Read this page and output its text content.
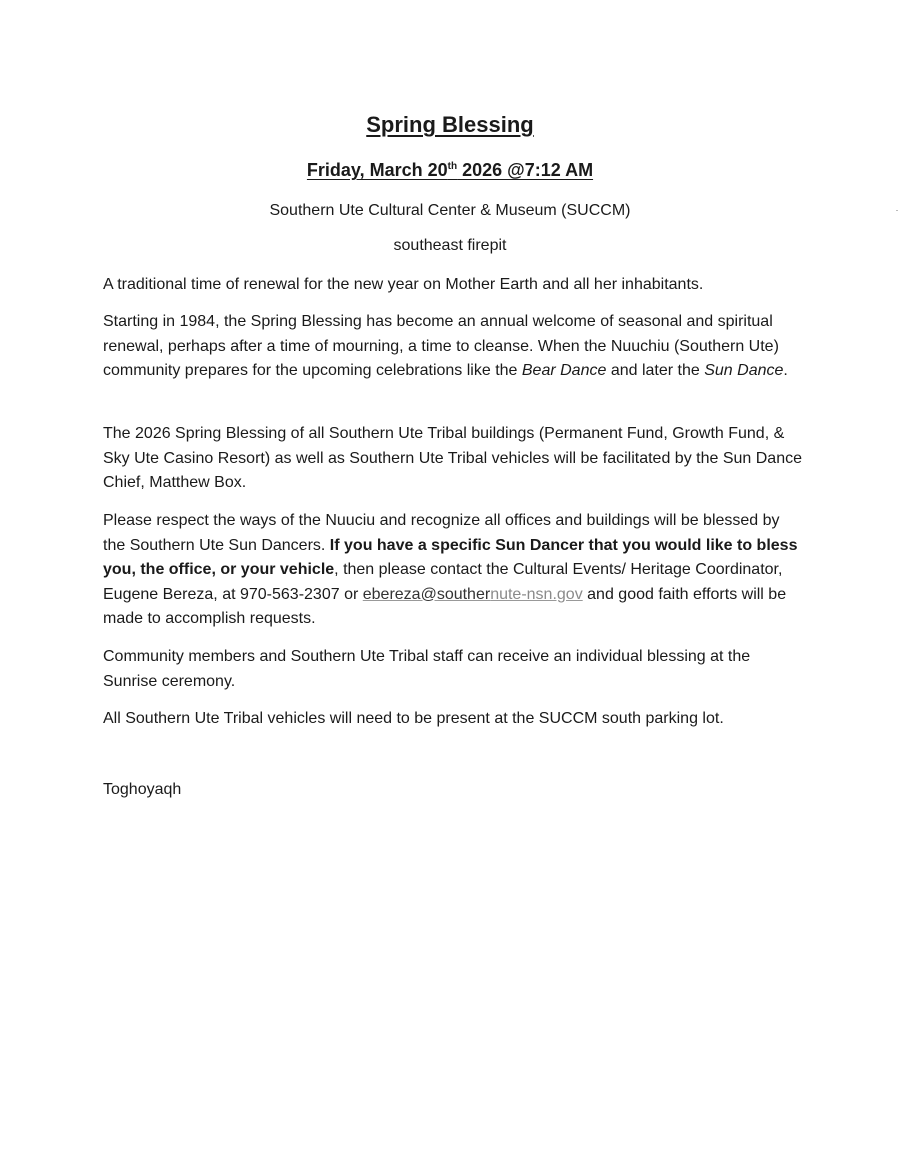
Spring Blessing
Friday, March 20th 2026 @7:12 AM

Southern Ute Cultural Center & Museum (SUCCM)

southeast firepit

A traditional time of renewal for the new year on Mother Earth and all her inhabitants.

Starting in 1984, the Spring Blessing has become an annual welcome of seasonal and spiritual renewal, perhaps after a time of mourning, a time to cleanse. When the Nuuchiu (Southern Ute) community prepares for the upcoming celebrations like the Bear Dance and later the Sun Dance.

The 2026 Spring Blessing of all Southern Ute Tribal buildings (Permanent Fund, Growth Fund, & Sky Ute Casino Resort) as well as Southern Ute Tribal vehicles will be facilitated by the Sun Dance Chief, Matthew Box.

Please respect the ways of the Nuuciu and recognize all offices and buildings will be blessed by the Southern Ute Sun Dancers. If you have a specific Sun Dancer that you would like to bless you, the office, or your vehicle, then please contact the Cultural Events/ Heritage Coordinator, Eugene Bereza, at 970-563-2307 or ebereza@southernute-nsn.gov and good faith efforts will be made to accomplish requests.

Community members and Southern Ute Tribal staff can receive an individual blessing at the Sunrise ceremony.

All Southern Ute Tribal vehicles will need to be present at the SUCCM south parking lot.

Toghoyaqh
